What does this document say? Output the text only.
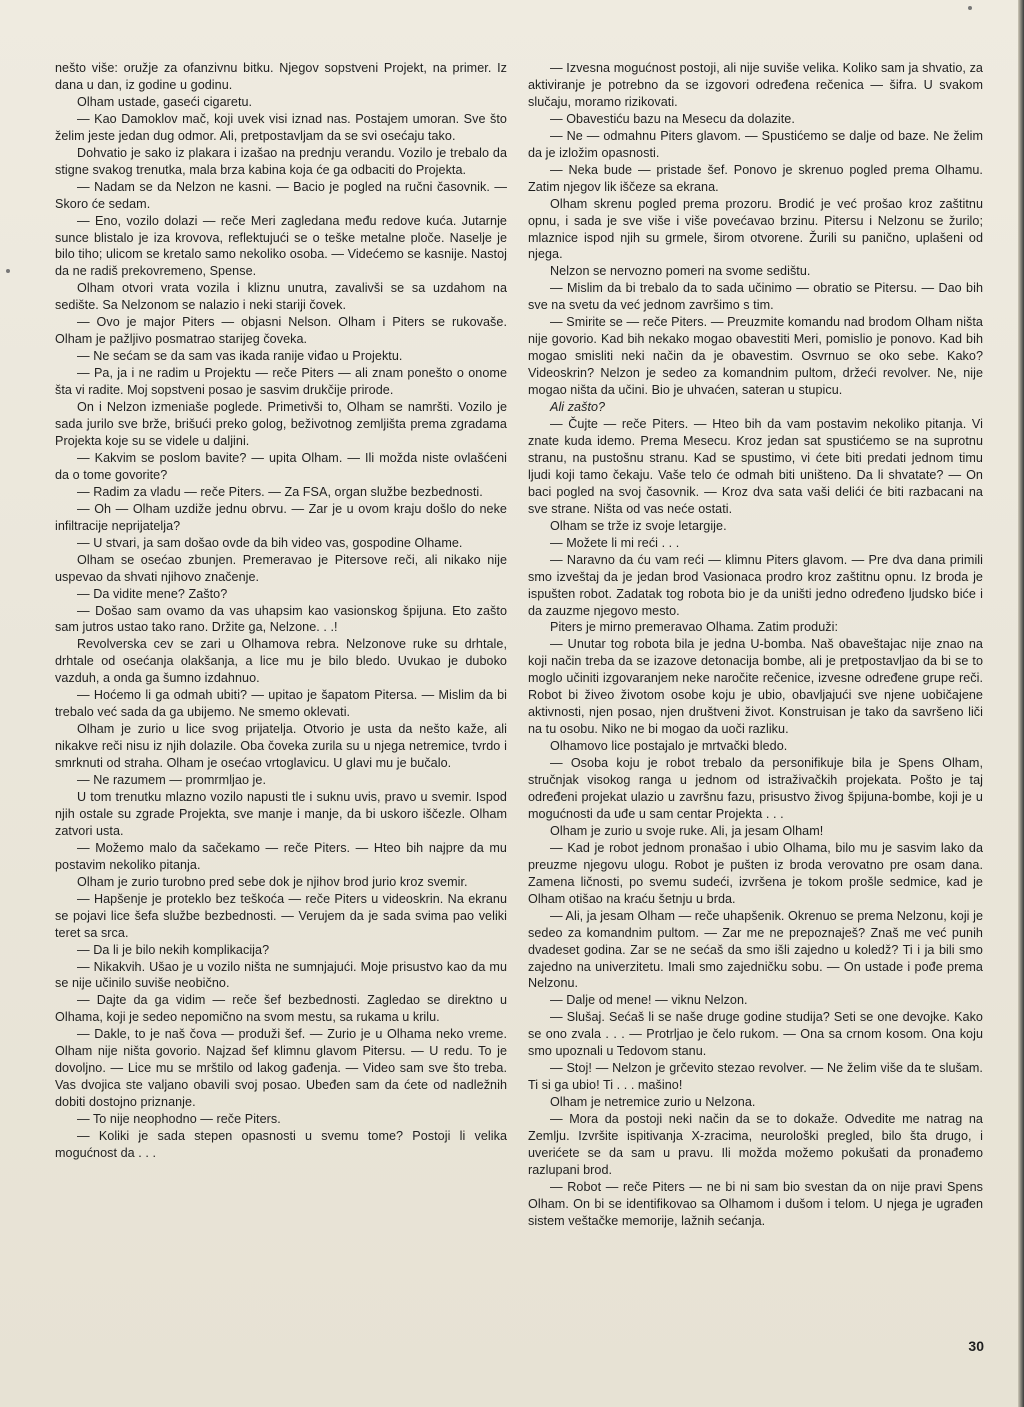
nešto više: oružje za ofanzivnu bitku. Njegov sopstveni Projekt, na primer. Iz dana u dan, iz godine u godinu.

Olham ustade, gaseći cigaretu.

— Kao Damoklov mač, koji uvek visi iznad nas. Postajem umoran. Sve što želim jeste jedan dug odmor. Ali, pretpostavljam da se svi osećaju tako.

Dohvatio je sako iz plakara i izašao na prednju verandu. Vozilo je trebalo da stigne svakog trenutka, mala brza kabina koja će ga odbaciti do Projekta.

— Nadam se da Nelzon ne kasni. — Bacio je pogled na ručni časovnik. — Skoro će sedam.

— Eno, vozilo dolazi — reče Meri zagledana među redove kuća. Jutarnje sunce blistalo je iza krovova, reflektujući se o teške metalne ploče. Naselje je bilo tiho; ulicom se kretalo samo nekoliko osoba. — Videćemo se kasnije. Nastoj da ne radiš prekovremeno, Spense.

Olham otvori vrata vozila i kliznu unutra, zavalivši se sa uzdahom na sedište. Sa Nelzonom se nalazio i neki stariji čovek.

— Ovo je major Piters — objasni Nelson. Olham i Piters se rukovaše. Olham je pažljivo posmatrao starijeg čoveka.

— Ne sećam se da sam vas ikada ranije viđao u Projektu.

— Pa, ja i ne radim u Projektu — reče Piters — ali znam ponešto o onome šta vi radite. Moj sopstveni posao je sasvim drukčije prirode.

On i Nelzon izmeniaše poglede. Primetivši to, Olham se namršti. Vozilo je sada jurilo sve brže, brišući preko golog, beživotnog zemljišta prema zgradama Projekta koje su se videle u daljini.

— Kakvim se poslom bavite? — upita Olham. — Ili možda niste ovlašćeni da o tome govorite?

— Radim za vladu — reče Piters. — Za FSA, organ službe bezbednosti.

— Oh — Olham uzdiže jednu obrvu. — Zar je u ovom kraju došlo do neke infiltracije neprijatelja?

— U stvari, ja sam došao ovde da bih video vas, gospodine Olhame.

Olham se osećao zbunjen. Premeravao je Pitersove reči, ali nikako nije uspevao da shvati njihovo značenje.

— Da vidite mene? Zašto?

— Došao sam ovamo da vas uhapsim kao vasionskog špijuna. Eto zašto sam jutros ustao tako rano. Držite ga, Nelzone. . .!

Revolverska cev se zari u Olhamova rebra. Nelzonove ruke su drhtale, drhtale od osećanja olakšanja, a lice mu je bilo bledo. Uvukao je duboko vazduh, a onda ga šumno izdahnuo.

— Hoćemo li ga odmah ubiti? — upitao je šapatom Pitersa. — Mislim da bi trebalo već sada da ga ubijemo. Ne smemo oklevati.

Olham je zurio u lice svog prijatelja. Otvorio je usta da nešto kaže, ali nikakve reči nisu iz njih dolazile. Oba čoveka zurila su u njega netremice, tvrdo i smrknuti od straha. Olham je osećao vrtoglavicu. U glavi mu je bučalo.

— Ne razumem — promrmljao je.

U tom trenutku mlazno vozilo napusti tle i suknu uvis, pravo u svemir. Ispod njih ostale su zgrade Projekta, sve manje i manje, da bi uskoro iščezle. Olham zatvori usta.

— Možemo malo da sačekamo — reče Piters. — Hteo bih najpre da mu postavim nekoliko pitanja.

Olham je zurio turobno pred sebe dok je njihov brod jurio kroz svemir.

— Hapšenje je proteklo bez teškoća — reče Piters u videoskrin. Na ekranu se pojavi lice šefa službe bezbednosti. — Verujem da je sada svima pao veliki teret sa srca.

— Da li je bilo nekih komplikacija?

— Nikakvih. Ušao je u vozilo ništa ne sumnjajući. Moje prisustvo kao da mu se nije učinilo suviše neobično.

— Dajte da ga vidim — reče šef bezbednosti. Zagledao se direktno u Olhama, koji je sedeo nepomično na svom mestu, sa rukama u krilu.

— Dakle, to je naš čova — produži šef. — Zurio je u Olhama neko vreme. Olham nije ništa govorio. Najzad šef klimnu glavom Pitersu. — U redu. To je dovoljno. — Lice mu se mrštilo od lakog gađenja. — Video sam sve što treba. Vas dvojica ste valjano obavili svoj posao. Ubeđen sam da ćete od nadležnih dobiti dostojno priznanje.

— To nije neophodno — reče Piters.

— Koliki je sada stepen opasnosti u svemu tome? Postoji li velika mogućnost da . . .

— Izvesna mogućnost postoji, ali nije suviše velika. Koliko sam ja shvatio, za aktiviranje je potrebno da se izgovori određena rečenica — šifra. U svakom slučaju, moramo rizikovati.

— Obavestiću bazu na Mesecu da dolazite.

— Ne — odmahnu Piters glavom. — Spustićemo se dalje od baze. Ne želim da je izložim opasnosti.

— Neka bude — pristade šef. Ponovo je skrenuo pogled prema Olhamu. Zatim njegov lik iščeze sa ekrana.

Olham skrenu pogled prema prozoru. Brodić je već prošao kroz zaštitnu opnu, i sada je sve više i više povećavao brzinu. Pitersu i Nelzonu se žurilo; mlaznice ispod njih su grmele, širom otvorene. Žurili su panično, uplašeni od njega.

Nelzon se nervozno pomeri na svome sedištu.

— Mislim da bi trebalo da to sada učinimo — obratio se Pitersu. — Dao bih sve na svetu da već jednom završimo s tim.

— Smirite se — reče Piters. — Preuzmite komandu nad brodom Olham ništa nije govorio. Kad bih nekako mogao obavestiti Meri, pomislio je ponovo. Kad bih mogao smisliti neki način da je obavestim. Osvrnuo se oko sebe. Kako? Videoskrin? Nelzon je sedeo za komandnim pultom, držeći revolver. Ne, nije mogao ništa da učini. Bio je uhvaćen, sateran u stupicu.

Ali zašto?

— Čujte — reče Piters. — Hteo bih da vam postavim nekoliko pitanja. Vi znate kuda idemo. Prema Mesecu. Kroz jedan sat spustićemo se na suprotnu stranu, na pustošnu stranu. Kad se spustimo, vi ćete biti predati jednom timu ljudi koji tamo čekaju. Vaše telo će odmah biti uništeno. Da li shvatate? — On baci pogled na svoj časovnik. — Kroz dva sata vaši delići će biti razbacani na sve strane. Ništa od vas neće ostati.

Olham se trže iz svoje letargije.

— Možete li mi reći . . .

— Naravno da ću vam reći — klimnu Piters glavom. — Pre dva dana primili smo izveštaj da je jedan brod Vasionaca prodro kroz zaštitnu opnu. Iz broda je ispušten robot. Zadatak tog robota bio je da uništi jedno određeno ljudsko biće i da zauzme njegovo mesto.

Piters je mirno premeravao Olhama. Zatim produži:

— Unutar tog robota bila je jedna U-bomba. Naš obaveštajac nije znao na koji način treba da se izazove detonacija bombe, ali je pretpostavljao da bi se to moglo učiniti izgovaranjem neke naročite rečenice, izvesne određene grupe reči. Robot bi živeo životom osobe koju je ubio, obavljajući sve njene uobičajene aktivnosti, njen posao, njen društveni život. Konstruisan je tako da savršeno liči na tu osobu. Niko ne bi mogao da uoči razliku.

Olhamovo lice postajalo je mrtvački bledo.

— Osoba koju je robot trebalo da personifikuje bila je Spens Olham, stručnjak visokog ranga u jednom od istraživačkih projekata. Pošto je taj određeni projekat ulazio u završnu fazu, prisustvo živog špijuna-bombe, koji je u mogućnosti da uđe u sam centar Projekta . . .

Olham je zurio u svoje ruke. Ali, ja jesam Olham!

— Kad je robot jednom pronašao i ubio Olhama, bilo mu je sasvim lako da preuzme njegovu ulogu. Robot je pušten iz broda verovatno pre osam dana. Zamena ličnosti, po svemu sudeći, izvršena je tokom prošle sedmice, kad je Olham otišao na kraću šetnju u brda.

— Ali, ja jesam Olham — reče uhapšenik. Okrenuo se prema Nelzonu, koji je sedeo za komandnim pultom. — Zar me ne prepoznaješ? Znaš me već punih dvadeset godina. Zar se ne sećaš da smo išli zajedno u koledž? Ti i ja bili smo zajedno na univerzitetu. Imali smo zajedničku sobu. — On ustade i pođe prema Nelzonu.

— Dalje od mene! — viknu Nelzon.

— Slušaj. Sećaš li se naše druge godine studija? Seti se one devojke. Kako se ono zvala . . . — Protrljao je čelo rukom. — Ona sa crnom kosom. Ona koju smo upoznali u Tedovom stanu.

— Stoj! — Nelzon je grčevito stezao revolver. — Ne želim više da te slušam. Ti si ga ubio! Ti . . . mašino!

Olham je netremice zurio u Nelzona.

— Mora da postoji neki način da se to dokaže. Odvedite me natrag na Zemlju. Izvršite ispitivanja X-zracima, neurološki pregled, bilo šta drugo, i uverićete se da sam u pravu. Ili možda možemo pokušati da pronađemo razlupani brod.

— Robot — reče Piters — ne bi ni sam bio svestan da on nije pravi Spens Olham. On bi se identifikovao sa Olhamom i dušom i telom. U njega je ugrađen sistem veštačke memorije, lažnih sećanja.

30
